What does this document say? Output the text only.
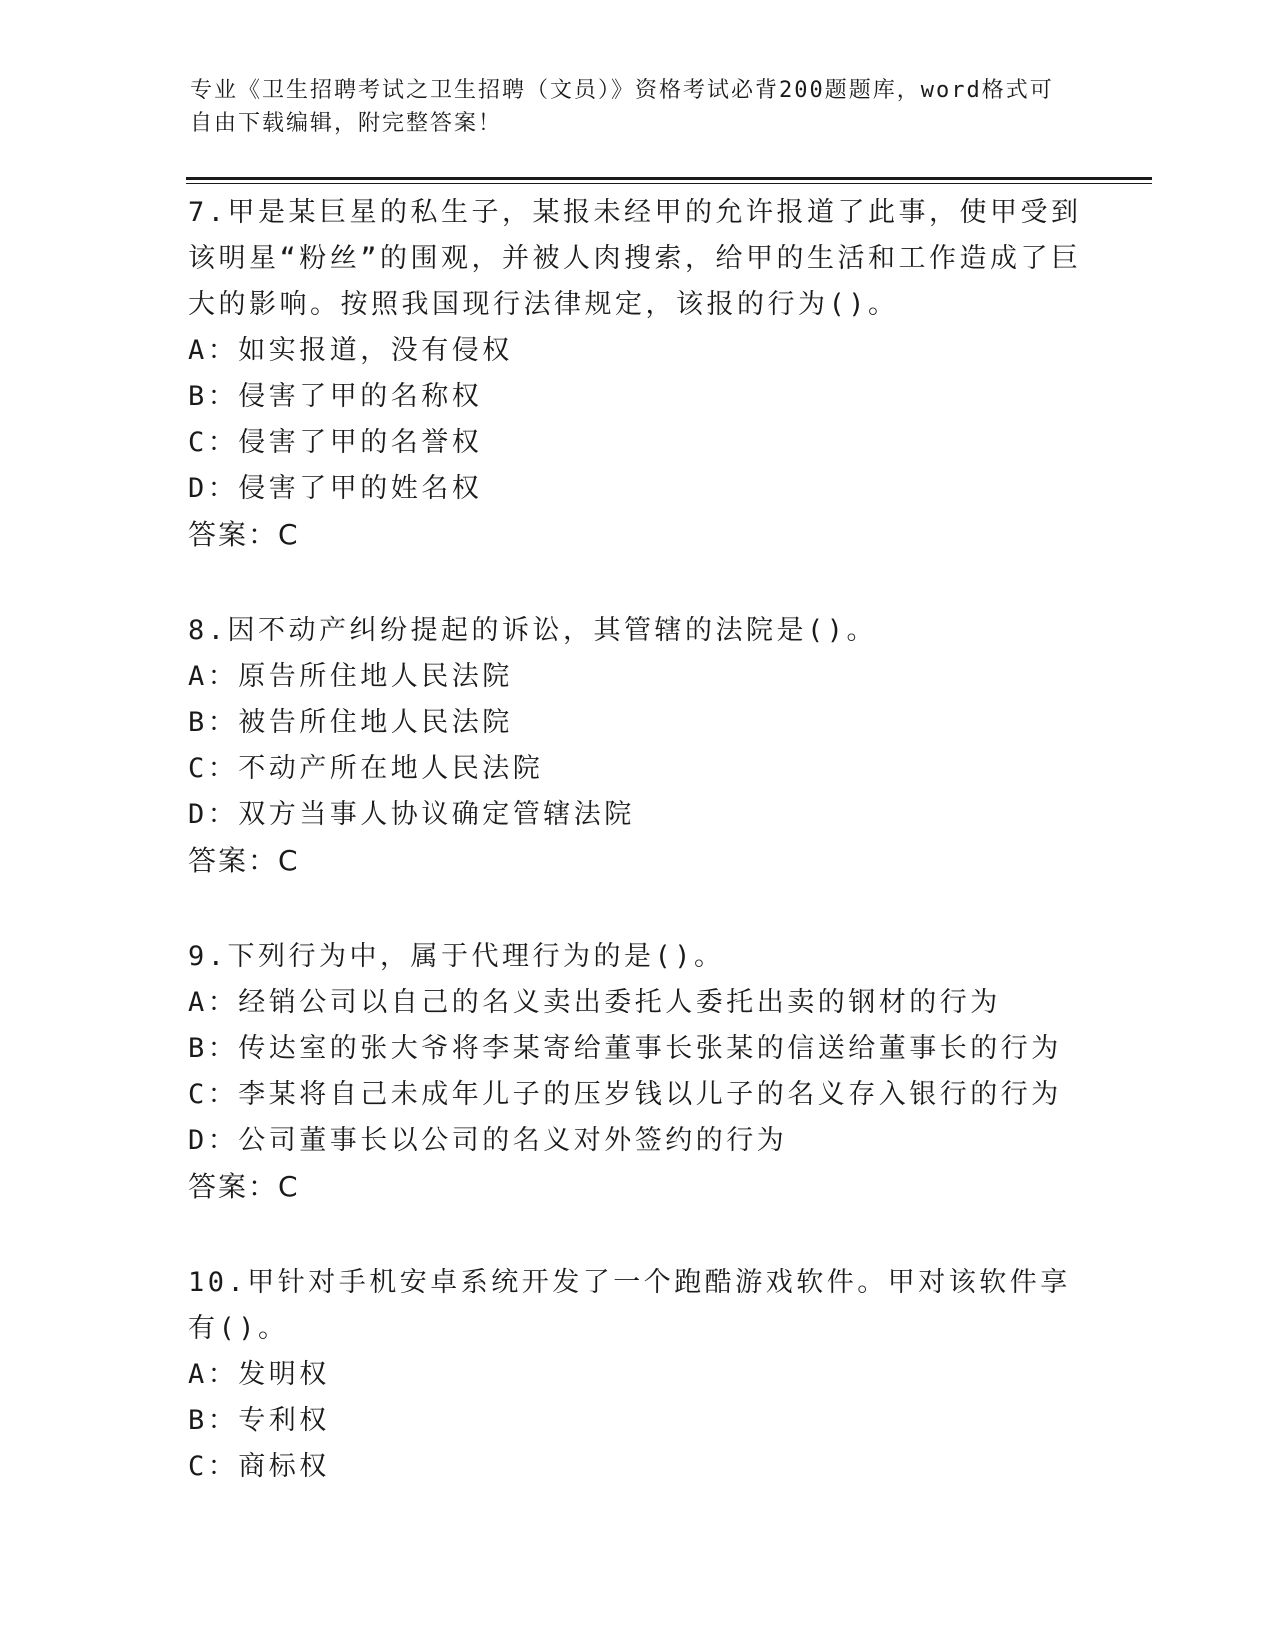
专业《卫生招聘考试之卫生招聘（文员）》资格考试必背200题题库，word格式可自由下载编辑，附完整答案！
7.甲是某巨星的私生子，某报未经甲的允许报道了此事，使甲受到该明星“粉丝”的围观，并被人肉搜索，给甲的生活和工作造成了巨大的影响。按照我国现行法律规定，该报的行为()。
A：如实报道，没有侵权
B：侵害了甲的名称权
C：侵害了甲的名誉权
D：侵害了甲的姓名权
答案：C
8.因不动产纠纷提起的诉讼，其管辖的法院是()。
A：原告所住地人民法院
B：被告所住地人民法院
C：不动产所在地人民法院
D：双方当事人协议确定管辖法院
答案：C
9.下列行为中，属于代理行为的是()。
A：经销公司以自己的名义卖出委托人委托出卖的钢材的行为
B：传达室的张大爷将李某寄给董事长张某的信送给董事长的行为
C：李某将自己未成年儿子的压岁钱以儿子的名义存入银行的行为
D：公司董事长以公司的名义对外签约的行为
答案：C
10.甲针对手机安卓系统开发了一个跑酷游戏软件。甲对该软件享有()。
A：发明权
B：专利权
C：商标权
